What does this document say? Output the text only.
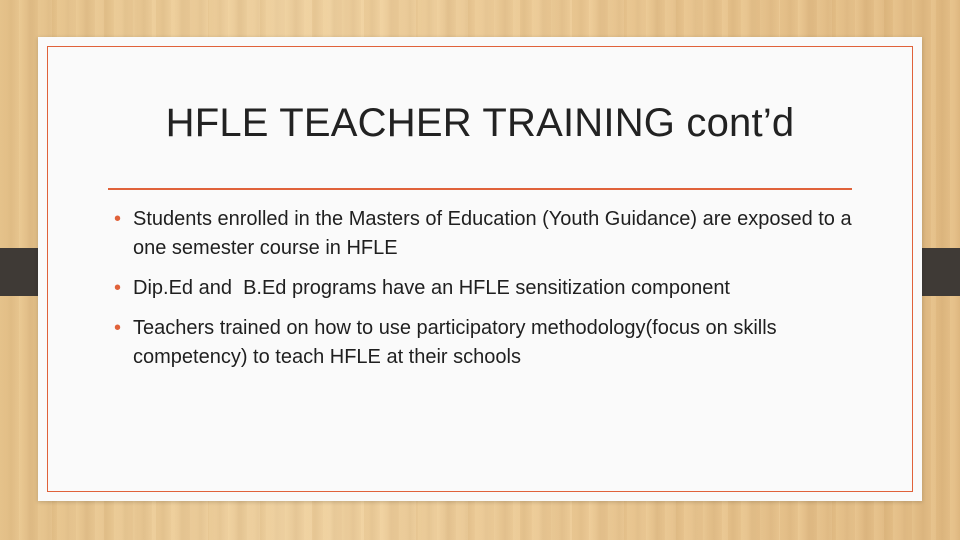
HFLE TEACHER TRAINING cont’d
• Students enrolled in the Masters of Education (Youth Guidance) are exposed to a one semester course in HFLE
• Dip.Ed and  B.Ed programs have an HFLE sensitization component
• Teachers trained on how to use participatory methodology(focus on skills competency) to teach HFLE at their schools
